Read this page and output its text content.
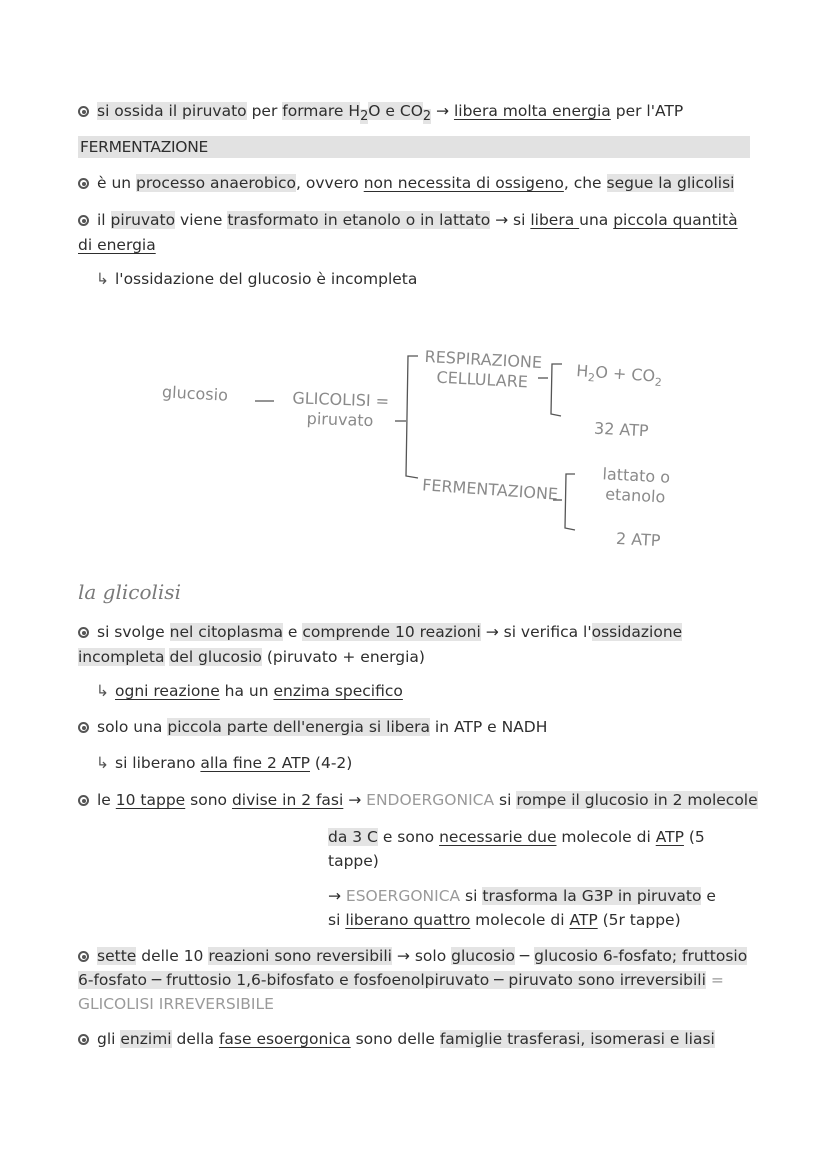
si ossida il piruvato per formare $H_2O$ e $CO_2$ → libera molta energia per l'ATP
FERMENTAZIONE
è un processo anaerobico, ovvero non necessita di ossigeno, che segue la glicolisi
il piruvato viene trasformato in etanolo o in lattato → si libera una piccola quantità di energia
↳ l'ossidazione del glucosio è incompleta
glucosio	GLICOLISI =
piruvato
RESPIRAZIONE
CELLULARE	$H_2O + CO_2$
32 ATP
FERMENTAZIONE	lattato o
etanolo
2 ATP
la glicolisi
si svolge nel citoplasma e comprende 10 reazioni → si verifica l'ossidazione incompleta del glucosio (piruvato + energia)
↳ ogni reazione ha un enzima specifico
solo una piccola parte dell'energia si libera in ATP e NADH
↳ si liberano alla fine 2 ATP (4-2)
le 10 tappe sono divise in 2 fasi → ENDOERGONICA si rompe il glucosio in 2 molecole
da 3 C e sono necessarie due molecole di ATP (5 tappe)
→ ESOERGONICA si trasforma la G3P in piruvato e si liberano quattro molecole di ATP (5r tappe)
sette delle 10 reazioni sono reversibili → solo glucosio ─ glucosio 6-fosfato; fruttosio 6-fosfato ─ fruttosio 1,6-bifosfato e fosfoenolpiruvato ─ piruvato sono irreversibili = GLICOLISI IRREVERSIBILE
gli enzimi della fase esoergonica sono delle famiglie trasferasi, isomerasi e liasi
